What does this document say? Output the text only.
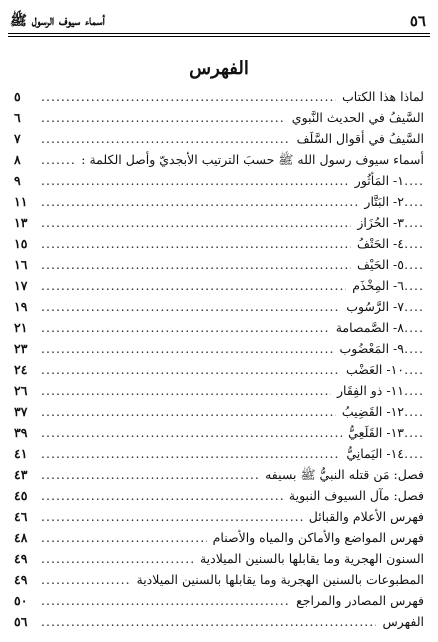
٥٦
أسماء سيوف الرسول ﷺ
الفهرس
.....
لماذا هذا الكتاب
٥
.....
السَّيفُ في الحديث النَّبوي
٦
.....
السَّيفُ في أقوال السَّلَف
٧
.....
أسماء سيوف رسول الله ﷺ حسبَ الترتيب الأبجديّ وأصل الكلمة :
٨
.....
١- المَأثُور
٩
.....
٢- البَتَّار
١١
.....
٣- الحُزَاز
١٣
.....
٤- الحَتْفُ
١٥
.....
٥- الحَيْف
١٦
.....
٦- المِخْذَم
١٧
.....
٧- الرَّسُوب
١٩
.....
٨- الصَّمصامة
٢١
.....
٩- المَعْضُوب
٢٣
.....
١٠- العَضْب
٢٤
.....
١١- ذو الفِقَار
٢٦
.....
١٢- القَضِيبُ
٣٧
.....
١٣- القَلَعِيُّ
٣٩
.....
١٤- اليَمانِيُّ
٤١
.....
فصل: مَن قتله النبيُّ ﷺ بسيفه
٤٣
.....
فصل: مآل السيوف النبوية
٤٥
.....
فهرس الأعلام والقبائل
٤٦
.....
فهرس المواضع والأماكن والمياه والأصنام
٤٨
.....
السنون الهجرية وما يقابلها بالسنين الميلادية
٤٩
.....
المطبوعات بالسنين الهجرية وما يقابلها بالسنين الميلادية
٤٩
.....
فهرس المصادر والمراجع
٥٠
.....
الفهرس
٥٦
